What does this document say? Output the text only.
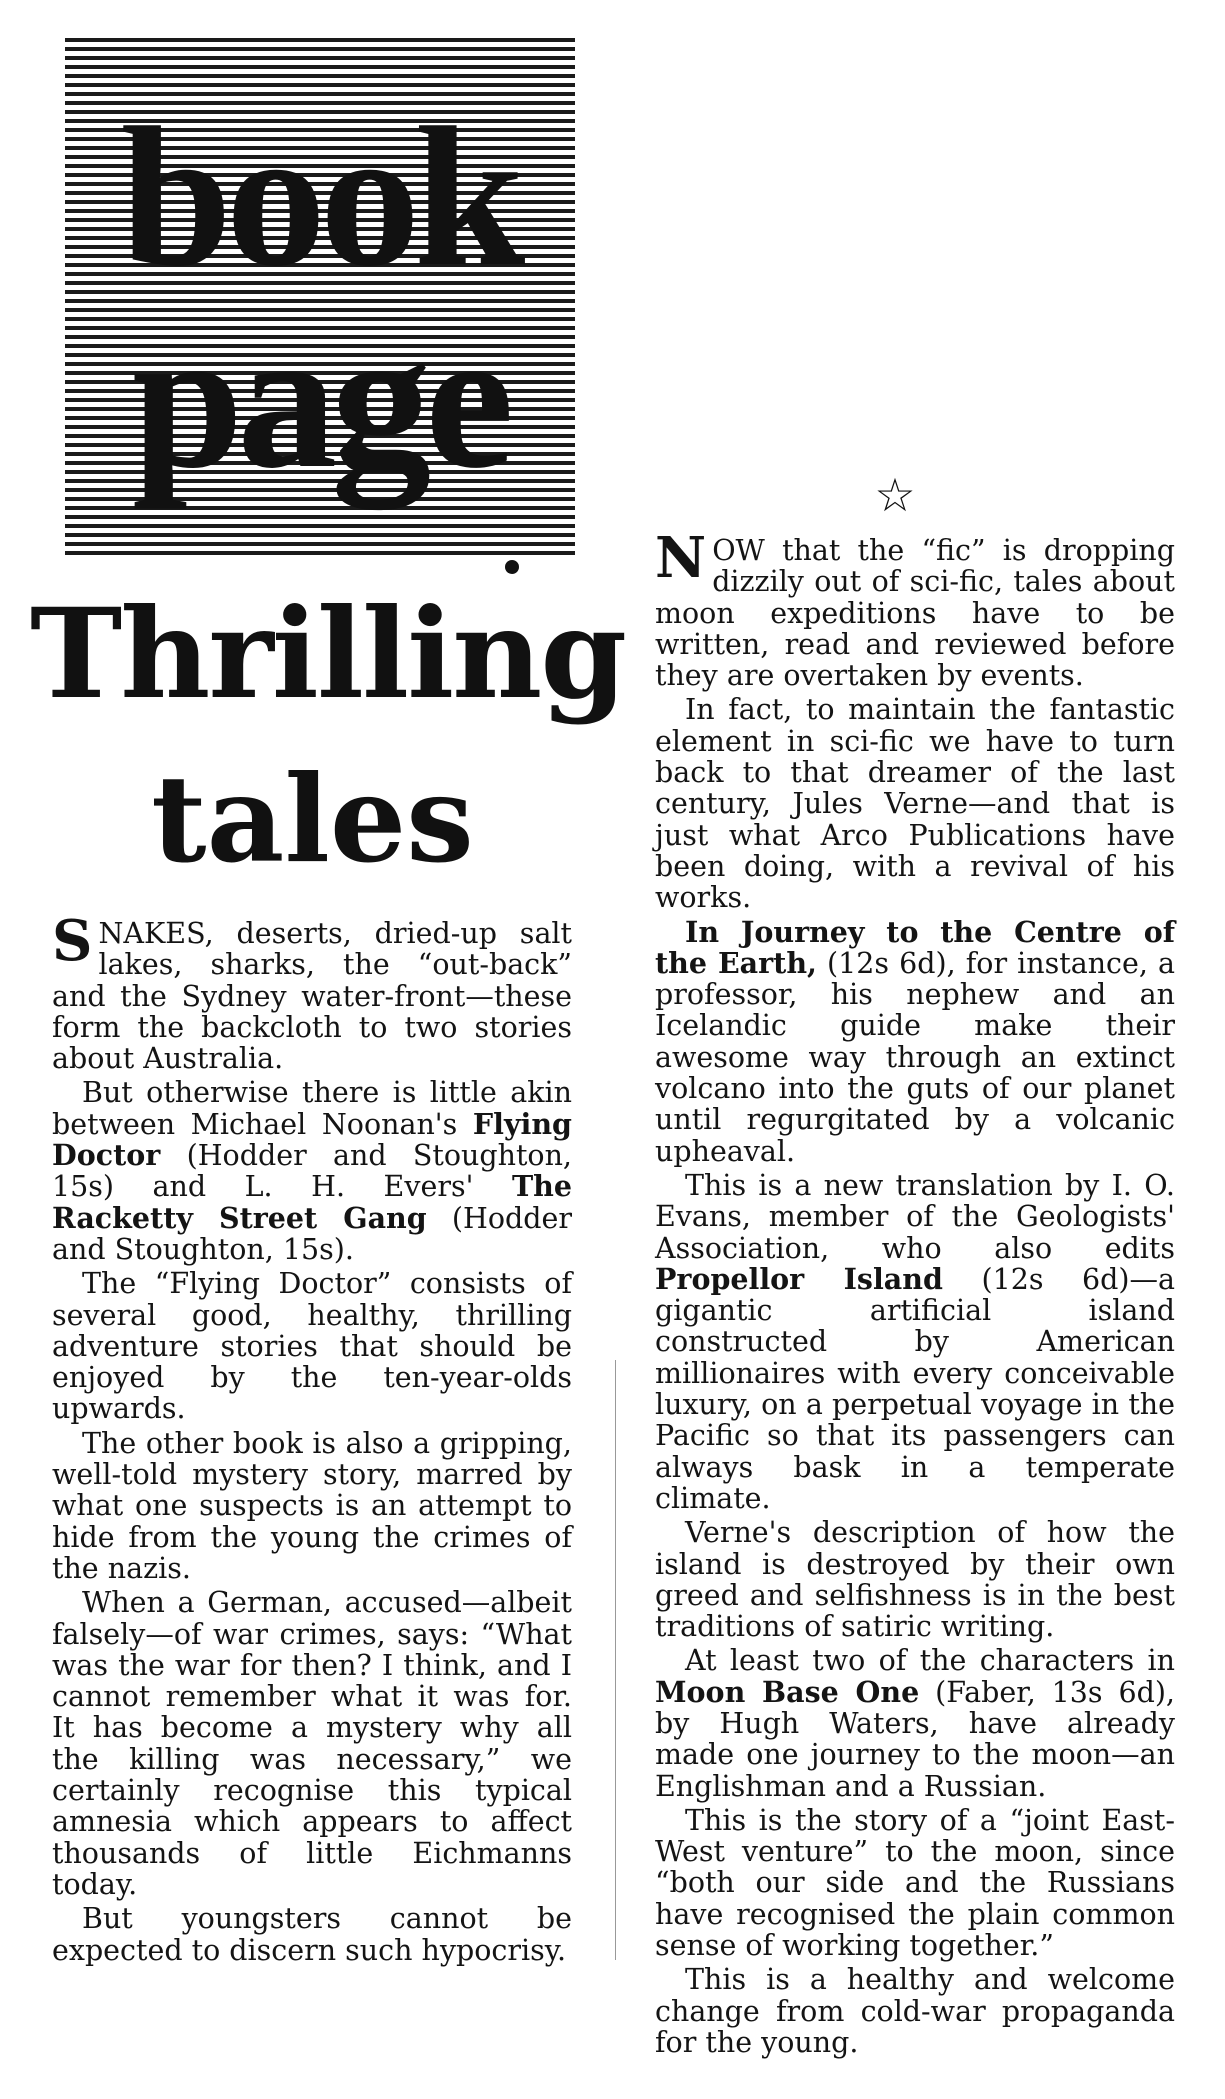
book
page
Thrilling
tales

SNAKES, deserts, dried-up salt lakes, sharks, the “out-back” and the Sydney water-front—these form the backcloth to two stories about Australia.

But otherwise there is little akin between Michael Noonan's Flying Doctor (Hodder and Stoughton, 15s) and L. H. Evers' The Racketty Street Gang (Hodder and Stoughton, 15s).

The “Flying Doctor” consists of several good, healthy, thrilling adventure stories that should be enjoyed by the ten-year-olds upwards.

The other book is also a gripping, well-told mystery story, marred by what one suspects is an attempt to hide from the young the crimes of the nazis.

When a German, accused—albeit falsely—of war crimes, says: “What was the war for then? I think, and I cannot remember what it was for. It has become a mystery why all the killing was necessary,” we certainly recognise this typical amnesia which appears to affect thousands of little Eichmanns today.

But youngsters cannot be expected to discern such hypocrisy.

☆

NOW that the “fic” is dropping dizzily out of sci-fic, tales about moon expeditions have to be written, read and reviewed before they are overtaken by events.

In fact, to maintain the fantastic element in sci-fic we have to turn back to that dreamer of the last century, Jules Verne—and that is just what Arco Publications have been doing, with a revival of his works.

In Journey to the Centre of the Earth, (12s 6d), for instance, a professor, his nephew and an Icelandic guide make their awesome way through an extinct volcano into the guts of our planet until regurgitated by a volcanic upheaval.

This is a new translation by I. O. Evans, member of the Geologists' Association, who also edits Propellor Island (12s 6d)—a gigantic artificial island constructed by American millionaires with every conceivable luxury, on a perpetual voyage in the Pacific so that its passengers can always bask in a temperate climate.

Verne's description of how the island is destroyed by their own greed and selfishness is in the best traditions of satiric writing.

At least two of the characters in Moon Base One (Faber, 13s 6d), by Hugh Waters, have already made one journey to the moon—an Englishman and a Russian.

This is the story of a “joint East-West venture” to the moon, since “both our side and the Russians have recognised the plain common sense of working together.”

This is a healthy and welcome change from cold-war propaganda for the young.
